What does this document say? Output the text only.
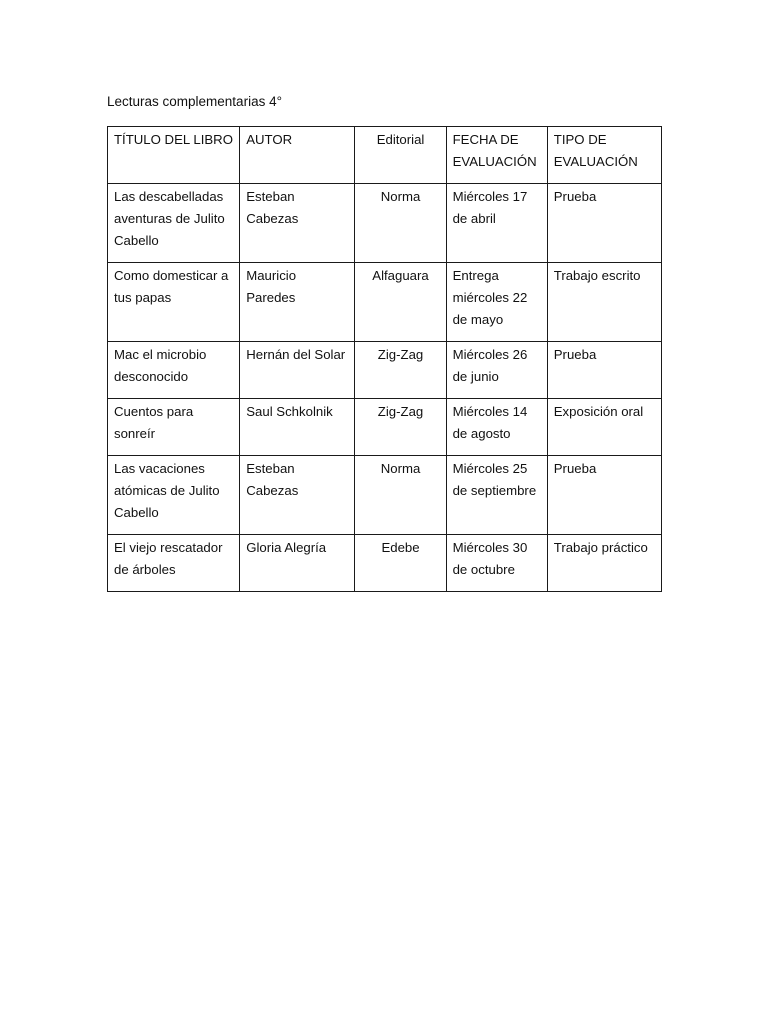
Lecturas complementarias 4°
TÍTULO DEL LIBRO	AUTOR	Editorial	FECHA DE EVALUACIÓN	TIPO DE EVALUACIÓN
Las descabelladas aventuras de Julito Cabello	Esteban Cabezas	Norma	Miércoles 17 de abril	Prueba
Como domesticar a tus papas	Mauricio Paredes	Alfaguara	Entrega miércoles 22 de mayo	Trabajo escrito
Mac el microbio desconocido	Hernán del Solar	Zig-Zag	Miércoles 26 de junio	Prueba
Cuentos para sonreír	Saul Schkolnik	Zig-Zag	Miércoles 14 de agosto	Exposición oral
Las vacaciones atómicas de Julito Cabello	Esteban Cabezas	Norma	Miércoles 25 de septiembre	Prueba
El viejo rescatador de árboles	Gloria Alegría	Edebe	Miércoles 30 de octubre	Trabajo práctico
